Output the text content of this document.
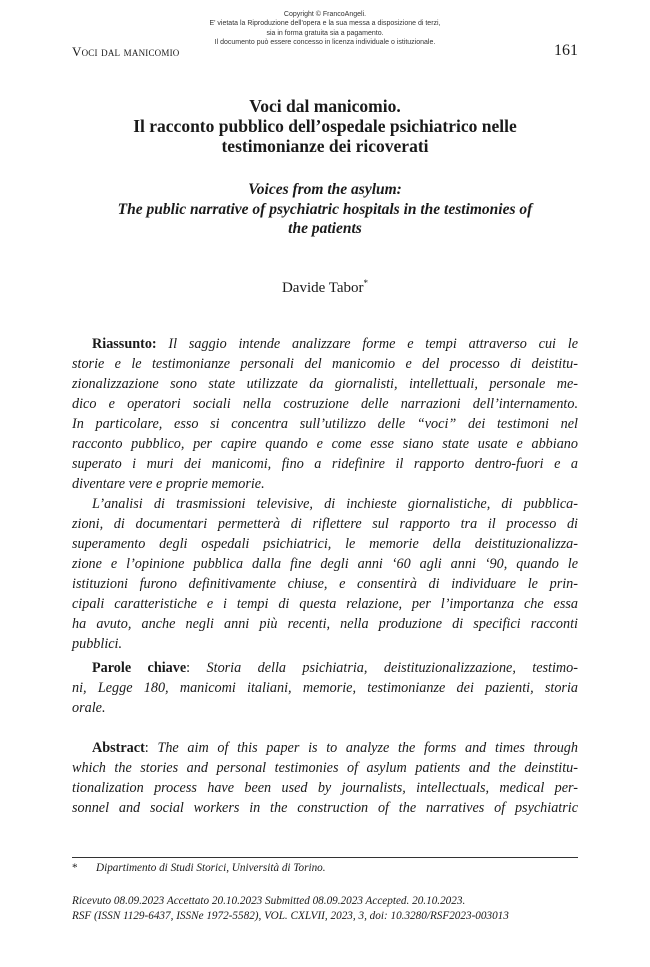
Copyright © FrancoAngeli.
E' vietata la Riproduzione dell'opera e la sua messa a disposizione di terzi,
sia in forma gratuita sia a pagamento.
Il documento può essere concesso in licenza individuale o istituzionale.
Voci dal manicomio	161
Voci dal manicomio.
Il racconto pubblico dell’ospedale psichiatrico nelle
testimonianze dei ricoverati
Voices from the asylum:
The public narrative of psychiatric hospitals in the testimonies of
the patients
Davide Tabor*
Riassunto: Il saggio intende analizzare forme e tempi attraverso cui le
storie e le testimonianze personali del manicomio e del processo di deistitu-
zionalizzazione sono state utilizzate da giornalisti, intellettuali, personale me-
dico e operatori sociali nella costruzione delle narrazioni dell’internamento.
In particolare, esso si concentra sull’utilizzo delle “voci” dei testimoni nel
racconto pubblico, per capire quando e come esse siano state usate e abbiano
superato i muri dei manicomi, fino a ridefinire il rapporto dentro-fuori e a
diventare vere e proprie memorie.
L’analisi di trasmissioni televisive, di inchieste giornalistiche, di pubblica-
zioni, di documentari permetterà di riflettere sul rapporto tra il processo di
superamento degli ospedali psichiatrici, le memorie della deistituzionalizza-
zione e l’opinione pubblica dalla fine degli anni ‘60 agli anni ‘90, quando le
istituzioni furono definitivamente chiuse, e consentirà di individuare le prin-
cipali caratteristiche e i tempi di questa relazione, per l’importanza che essa
ha avuto, anche negli anni più recenti, nella produzione di specifici racconti
pubblici.
Parole chiave: Storia della psichiatria, deistituzionalizzazione, testimo-
ni, Legge 180, manicomi italiani, memorie, testimonianze dei pazienti, storia
orale.
Abstract: The aim of this paper is to analyze the forms and times through
which the stories and personal testimonies of asylum patients and the deinstitu-
tionalization process have been used by journalists, intellectuals, medical per-
sonnel and social workers in the construction of the narratives of psychiatric
* Dipartimento di Studi Storici, Università di Torino.
Ricevuto 08.09.2023 Accettato 20.10.2023 Submitted 08.09.2023 Accepted. 20.10.2023.
RSF (ISSN 1129-6437, ISSNe 1972-5582), VOL. CXLVII, 2023, 3, doi: 10.3280/RSF2023-003013
